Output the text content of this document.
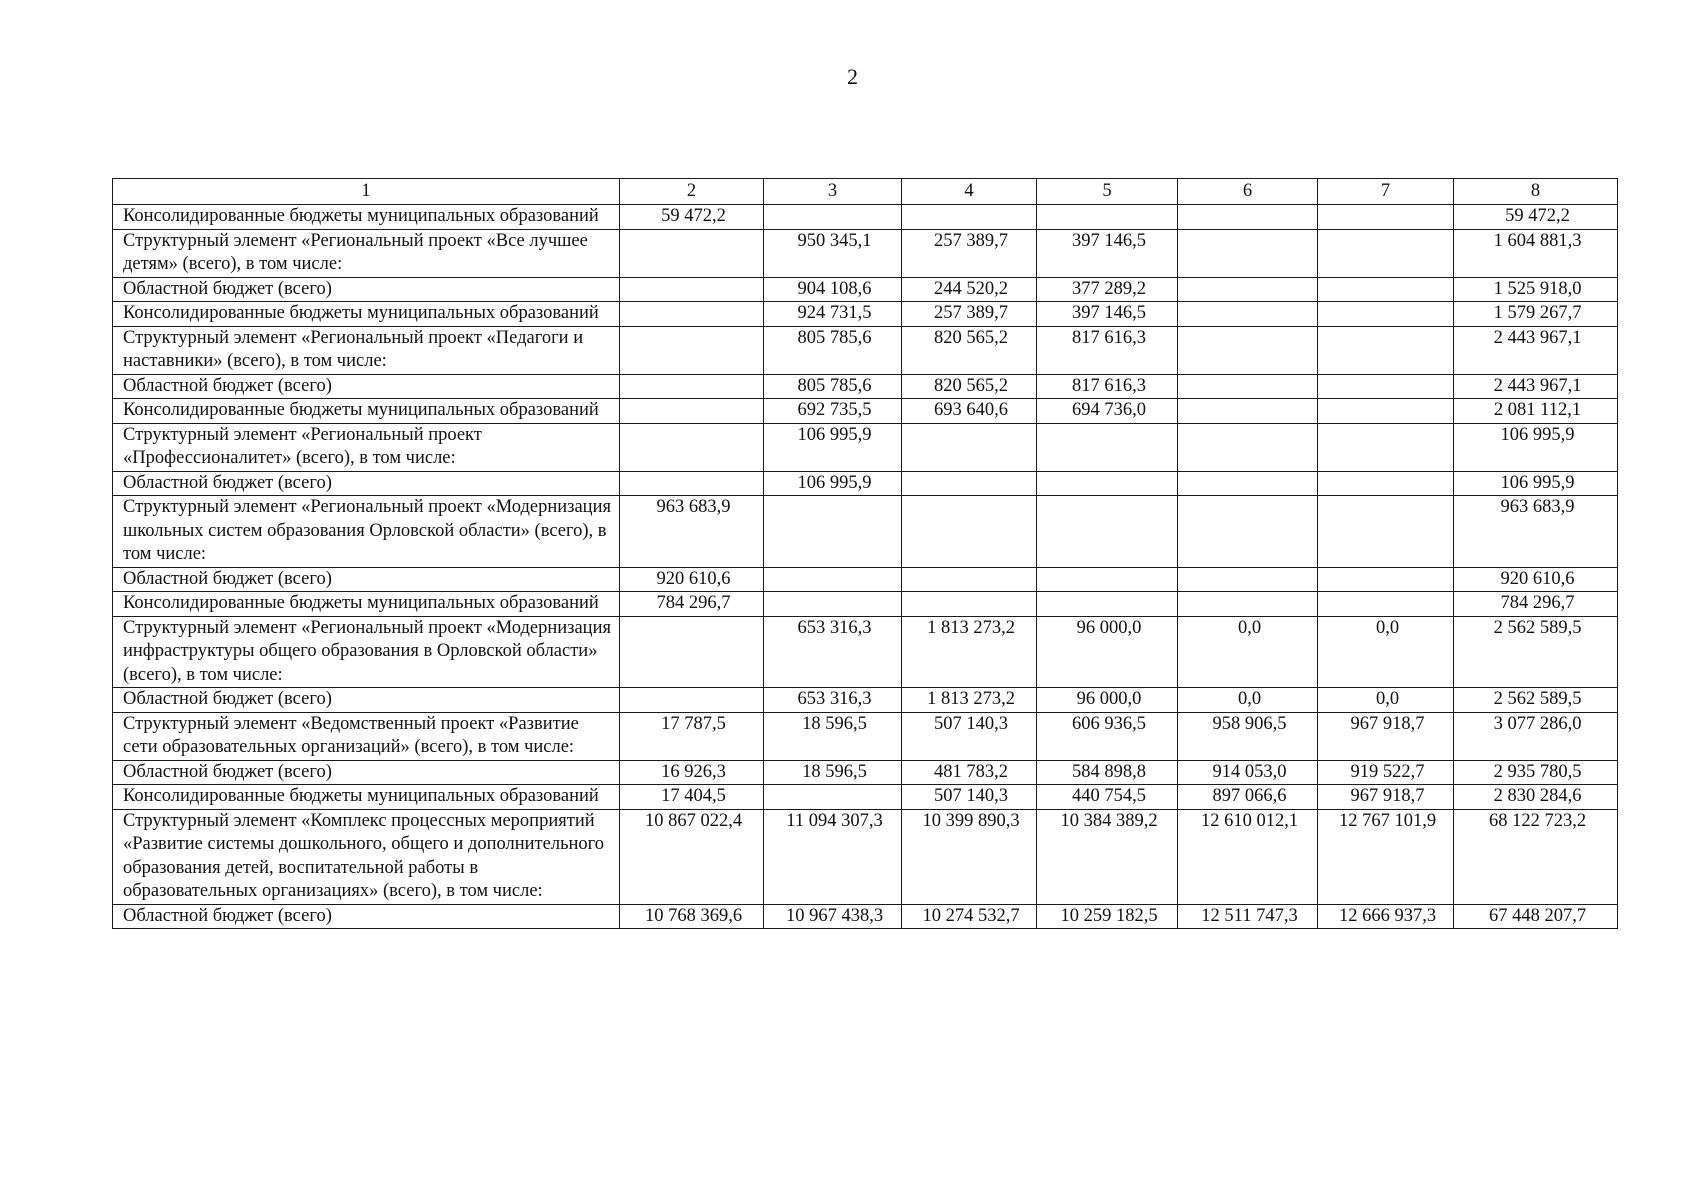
2
1	2	3	4	5	6	7	8
Консолидированные бюджеты муниципальных образований	59 472,2						59 472,2
Структурный элемент «Региональный проект «Все лучшее детям» (всего), в том числе:		950 345,1	257 389,7	397 146,5			1 604 881,3
Областной бюджет (всего)		904 108,6	244 520,2	377 289,2			1 525 918,0
Консолидированные бюджеты муниципальных образований		924 731,5	257 389,7	397 146,5			1 579 267,7
Структурный элемент «Региональный проект «Педагоги и наставники» (всего), в том числе:		805 785,6	820 565,2	817 616,3			2 443 967,1
Областной бюджет (всего)		805 785,6	820 565,2	817 616,3			2 443 967,1
Консолидированные бюджеты муниципальных образований		692 735,5	693 640,6	694 736,0			2 081 112,1
Структурный элемент «Региональный проект «Профессионалитет» (всего), в том числе:		106 995,9					106 995,9
Областной бюджет (всего)		106 995,9					106 995,9
Структурный элемент «Региональный проект «Модернизация школьных систем образования Орловской области» (всего), в том числе:	963 683,9						963 683,9
Областной бюджет (всего)	920 610,6						920 610,6
Консолидированные бюджеты муниципальных образований	784 296,7						784 296,7
Структурный элемент «Региональный проект «Модернизация инфраструктуры общего образования в Орловской области» (всего), в том числе:		653 316,3	1 813 273,2	96 000,0	0,0	0,0	2 562 589,5
Областной бюджет (всего)		653 316,3	1 813 273,2	96 000,0	0,0	0,0	2 562 589,5
Структурный элемент «Ведомственный проект «Развитие сети образовательных организаций» (всего), в том числе:	17 787,5	18 596,5	507 140,3	606 936,5	958 906,5	967 918,7	3 077 286,0
Областной бюджет (всего)	16 926,3	18 596,5	481 783,2	584 898,8	914 053,0	919 522,7	2 935 780,5
Консолидированные бюджеты муниципальных образований	17 404,5		507 140,3	440 754,5	897 066,6	967 918,7	2 830 284,6
Структурный элемент «Комплекс процессных мероприятий «Развитие системы дошкольного, общего и дополнительного образования детей, воспитательной работы в образовательных организациях» (всего), в том числе:	10 867 022,4	11 094 307,3	10 399 890,3	10 384 389,2	12 610 012,1	12 767 101,9	68 122 723,2
Областной бюджет (всего)	10 768 369,6	10 967 438,3	10 274 532,7	10 259 182,5	12 511 747,3	12 666 937,3	67 448 207,7
